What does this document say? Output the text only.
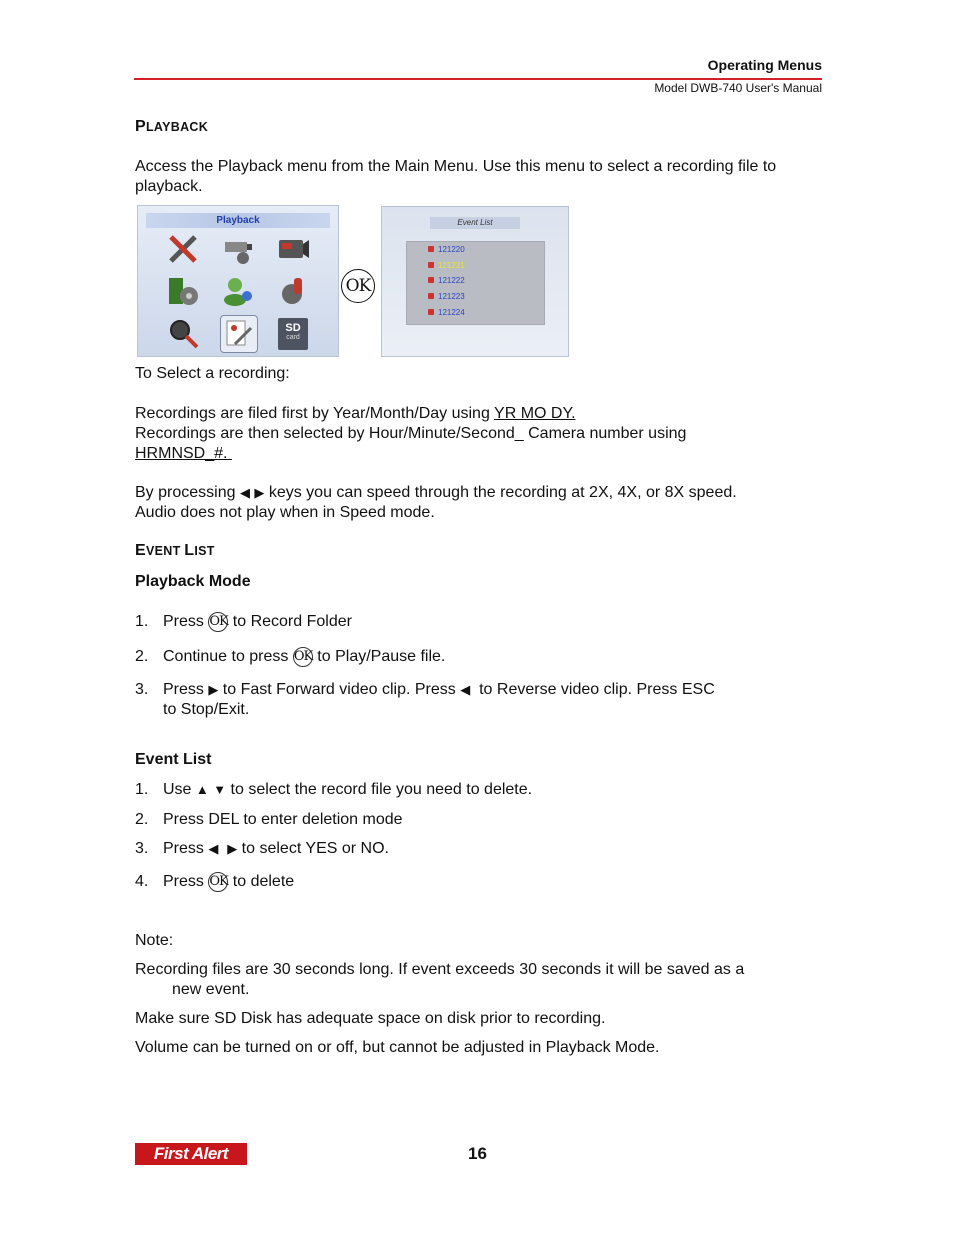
Operating Menus
Model DWB-740 User's Manual
PLAYBACK
Access the Playback menu from the Main Menu. Use this menu to select a recording file to playback.
Playback
SD
card
OK
Event List
121220
121221
121222
121223
121224
To Select a recording:
Recordings are filed first by Year/Month/Day using YR MO DY.
Recordings are then selected by Hour/Minute/Second_ Camera number using
HRMNSD_#.
By processing ◀ ▶ keys you can speed through the recording at 2X, 4X, or 8X speed.
Audio does not play when in Speed mode.
EVENT LIST
Playback Mode
1. Press OK to Record Folder
2. Continue to press OK to Play/Pause file.
3. Press ▶ to Fast Forward video clip. Press ◀  to Reverse video clip. Press ESC
to Stop/Exit.
Event List
1. Use ▲ ▼ to select the record file you need to delete.
2. Press DEL to enter deletion mode
3. Press ◀ ▶ to select YES or NO.
4. Press OK to delete
Note:
Recording files are 30 seconds long. If event exceeds 30 seconds it will be saved as a
new event.
Make sure SD Disk has adequate space on disk prior to recording.
Volume can be turned on or off, but cannot be adjusted in Playback Mode.
First Alert	16
